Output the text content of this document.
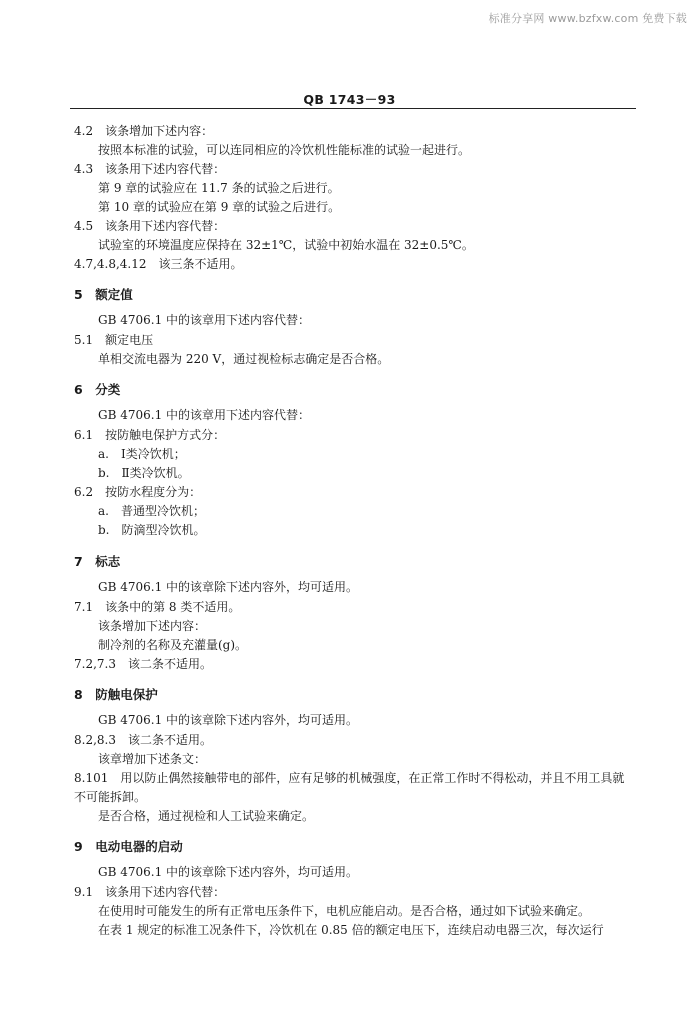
标准分享网 www.bzfxw.com 免费下载
QB 1743－93
4.2　该条增加下述内容：
按照本标准的试验，可以连同相应的冷饮机性能标准的试验一起进行。
4.3　该条用下述内容代替：
第 9 章的试验应在 11.7 条的试验之后进行。
第 10 章的试验应在第 9 章的试验之后进行。
4.5　该条用下述内容代替：
试验室的环境温度应保持在 32±1℃，试验中初始水温在 32±0.5℃。
4.7,4.8,4.12　该三条不适用。
5　额定值
GB 4706.1 中的该章用下述内容代替：
5.1　额定电压
单相交流电器为 220 V，通过视检标志确定是否合格。
6　分类
GB 4706.1 中的该章用下述内容代替：
6.1　按防触电保护方式分：
a.　Ⅰ类冷饮机；
b.　Ⅱ类冷饮机。
6.2　按防水程度分为：
a.　普通型冷饮机；
b.　防滴型冷饮机。
7　标志
GB 4706.1 中的该章除下述内容外，均可适用。
7.1　该条中的第 8 类不适用。
该条增加下述内容：
制冷剂的名称及充灌量(g)。
7.2,7.3　该二条不适用。
8　防触电保护
GB 4706.1 中的该章除下述内容外，均可适用。
8.2,8.3　该二条不适用。
该章增加下述条文：
8.101　用以防止偶然接触带电的部件，应有足够的机械强度，在正常工作时不得松动，并且不用工具就
不可能拆卸。
是否合格，通过视检和人工试验来确定。
9　电动电器的启动
GB 4706.1 中的该章除下述内容外，均可适用。
9.1　该条用下述内容代替：
在使用时可能发生的所有正常电压条件下，电机应能启动。是否合格，通过如下试验来确定。
在表 1 规定的标准工况条件下，冷饮机在 0.85 倍的额定电压下，连续启动电器三次，每次运行
